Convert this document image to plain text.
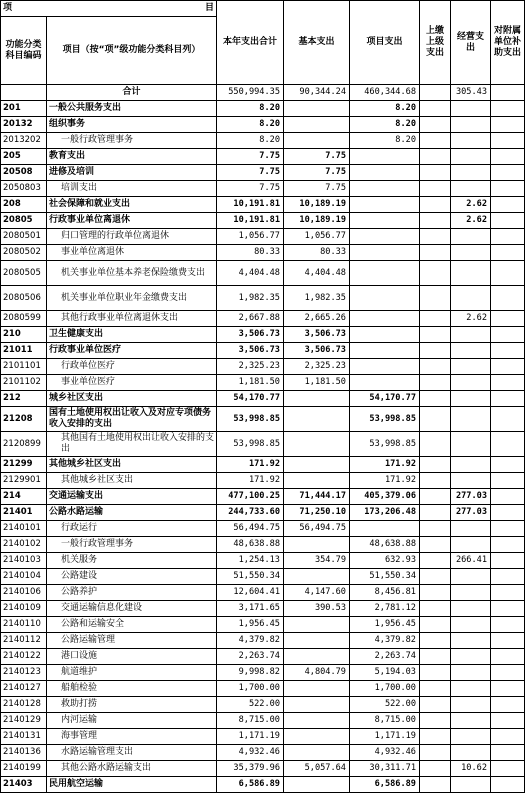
项 目		本年支出合计	基本支出	项目支出	上缴上级支出	经营支出	对附属单位补助支出
功能分类科目编码	项目（按“项”级功能分类科目列）						
	合计	550,994.35	90,344.24	460,344.68		305.43	
201	一般公共服务支出	8.20		8.20			
20132	组织事务	8.20		8.20			
2013202	一般行政管理事务	8.20		8.20			
205	教育支出	7.75	7.75				
20508	进修及培训	7.75	7.75				
2050803	培训支出	7.75	7.75				
208	社会保障和就业支出	10,191.81	10,189.19			2.62	
20805	行政事业单位离退休	10,191.81	10,189.19			2.62	
2080501	归口管理的行政单位离退休	1,056.77	1,056.77				
2080502	事业单位离退休	80.33	80.33				
2080505	机关事业单位基本养老保险缴费支出	4,404.48	4,404.48				
2080506	机关事业单位职业年金缴费支出	1,982.35	1,982.35				
2080599	其他行政事业单位离退休支出	2,667.88	2,665.26			2.62	
210	卫生健康支出	3,506.73	3,506.73				
21011	行政事业单位医疗	3,506.73	3,506.73				
2101101	行政单位医疗	2,325.23	2,325.23				
2101102	事业单位医疗	1,181.50	1,181.50				
212	城乡社区支出	54,170.77		54,170.77			
21208	国有土地使用权出让收入及对应专项债务收入安排的支出	53,998.85		53,998.85			
2120899	其他国有土地使用权出让收入安排的支出	53,998.85		53,998.85			
21299	其他城乡社区支出	171.92		171.92			
2129901	其他城乡社区支出	171.92		171.92			
214	交通运输支出	477,100.25	71,444.17	405,379.06		277.03	
21401	公路水路运输	244,733.60	71,250.10	173,206.48		277.03	
2140101	行政运行	56,494.75	56,494.75				
2140102	一般行政管理事务	48,638.88		48,638.88			
2140103	机关服务	1,254.13	354.79	632.93		266.41	
2140104	公路建设	51,550.34		51,550.34			
2140106	公路养护	12,604.41	4,147.60	8,456.81			
2140109	交通运输信息化建设	3,171.65	390.53	2,781.12			
2140110	公路和运输安全	1,956.45		1,956.45			
2140112	公路运输管理	4,379.82		4,379.82			
2140122	港口设施	2,263.74		2,263.74			
2140123	航道维护	9,998.82	4,804.79	5,194.03			
2140127	船舶检验	1,700.00		1,700.00			
2140128	救助打捞	522.00		522.00			
2140129	内河运输	8,715.00		8,715.00			
2140131	海事管理	1,171.19		1,171.19			
2140136	水路运输管理支出	4,932.46		4,932.46			
2140199	其他公路水路运输支出	35,379.96	5,057.64	30,311.71		10.62	
21403	民用航空运输	6,586.89		6,586.89			
